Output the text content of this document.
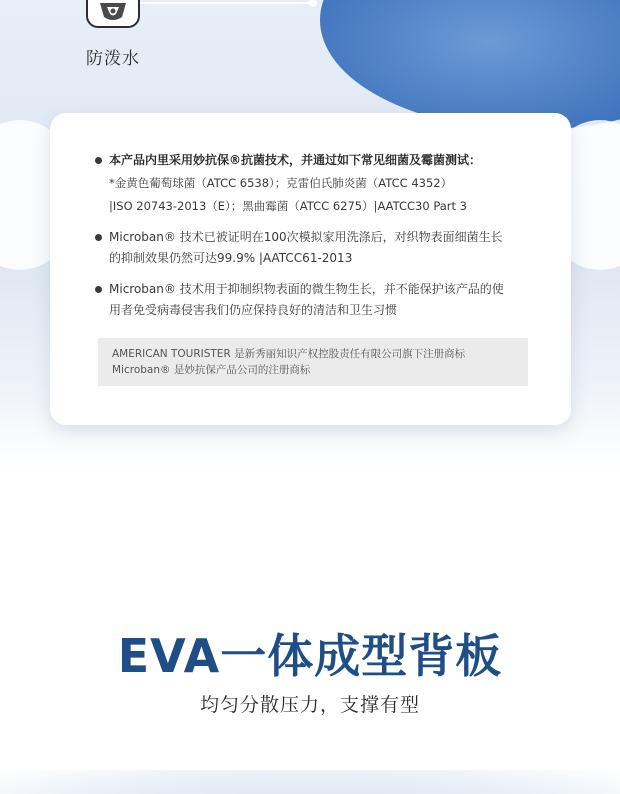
防泼水
本产品内里采用妙抗保®抗菌技术，并通过如下常见细菌及霉菌测试：
*金黄色葡萄球菌（ATCC 6538）；克雷伯氏肺炎菌（ATCC 4352）
|ISO 20743-2013（E）；黑曲霉菌（ATCC 6275）|AATCC30 Part 3
Microban® 技术已被证明在100次模拟家用洗涤后，对织物表面细菌生长
的抑制效果仍然可达99.9% |AATCC61-2013
Microban® 技术用于抑制织物表面的微生物生长，并不能保护该产品的使
用者免受病毒侵害我们仍应保持良好的清洁和卫生习惯
AMERICAN TOURISTER 是新秀丽知识产权控股责任有限公司旗下注册商标
Microban® 是妙抗保产品公司的注册商标
EVA一体成型背板
均匀分散压力，支撑有型
